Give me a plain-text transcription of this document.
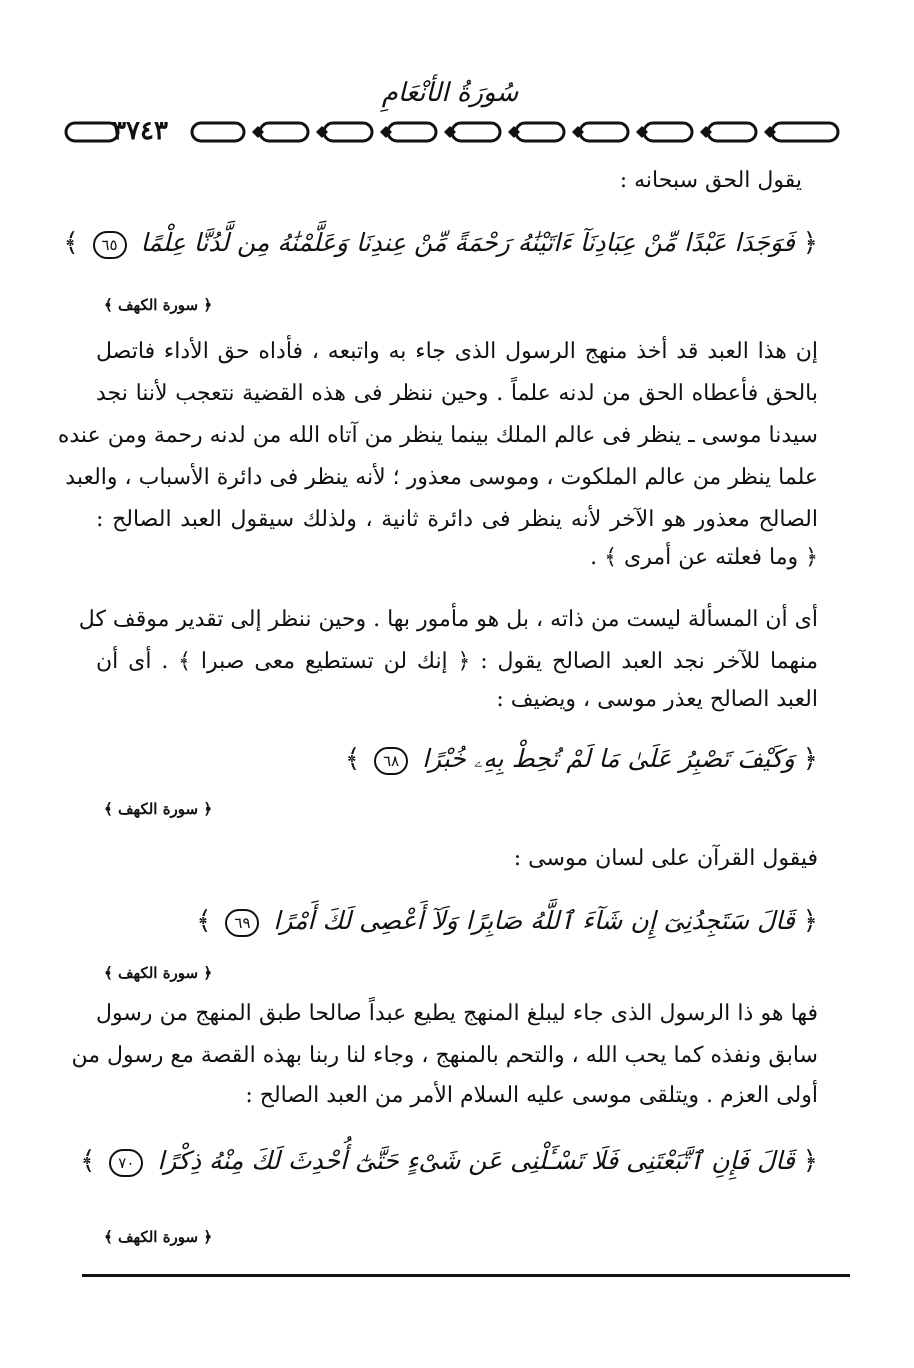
سُورَةُ الأنْعَامِ
٣٧٤٣
يقول الحق سبحانه :
﴿ فَوَجَدَا عَبْدًا مِّنْ عِبَادِنَآ ءَاتَيْنَٰهُ رَحْمَةً مِّنْ عِندِنَا وَعَلَّمْنَٰهُ مِن لَّدُنَّا عِلْمًا ٦٥ ﴾
﴿ سورة الكهف ﴾
إن هذا العبد قد أخذ منهج الرسول الذى جاء به واتبعه ، فأداه حق الأداء فاتصل
بالحق فأعطاه الحق من لدنه علماً . وحين ننظر فى هذه القضية نتعجب لأننا نجد
سيدنا موسى ـ ينظر فى عالم الملك بينما ينظر من آتاه الله من لدنه رحمة ومن عنده
علما ينظر من عالم الملكوت ، وموسى معذور ؛ لأنه ينظر فى دائرة الأسباب ، والعبد
الصالح معذور هو الآخر لأنه ينظر فى دائرة ثانية ، ولذلك سيقول العبد الصالح :
﴿ وما فعلته عن أمرى ﴾ .
أى أن المسألة ليست من ذاته ، بل هو مأمور بها . وحين ننظر إلى تقدير موقف كل
منهما للآخر نجد العبد الصالح يقول : ﴿ إنك لن تستطيع معى صبرا ﴾ . أى أن
العبد الصالح يعذر موسى ، ويضيف :
﴿ وَكَيْفَ تَصْبِرُ عَلَىٰ مَا لَمْ تُحِطْ بِهِۦ خُبْرًا ٦٨ ﴾
﴿ سورة الكهف ﴾
فيقول القرآن على لسان موسى :
﴿ قَالَ سَتَجِدُنِىٓ إِن شَآءَ ٱللَّهُ صَابِرًا وَلَآ أَعْصِى لَكَ أَمْرًا ٦٩ ﴾
﴿ سورة الكهف ﴾
فها هو ذا الرسول الذى جاء ليبلغ المنهج يطيع عبداً صالحا طبق المنهج من رسول
سابق ونفذه كما يحب الله ، والتحم بالمنهج ، وجاء لنا ربنا بهذه القصة مع رسول من
أولى العزم . ويتلقى موسى عليه السلام الأمر من العبد الصالح :
﴿ قَالَ فَإِنِ ٱتَّبَعْتَنِى فَلَا تَسْـَٔلْنِى عَن شَىْءٍ حَتَّىٰٓ أُحْدِثَ لَكَ مِنْهُ ذِكْرًا ٧٠ ﴾
﴿ سورة الكهف ﴾
